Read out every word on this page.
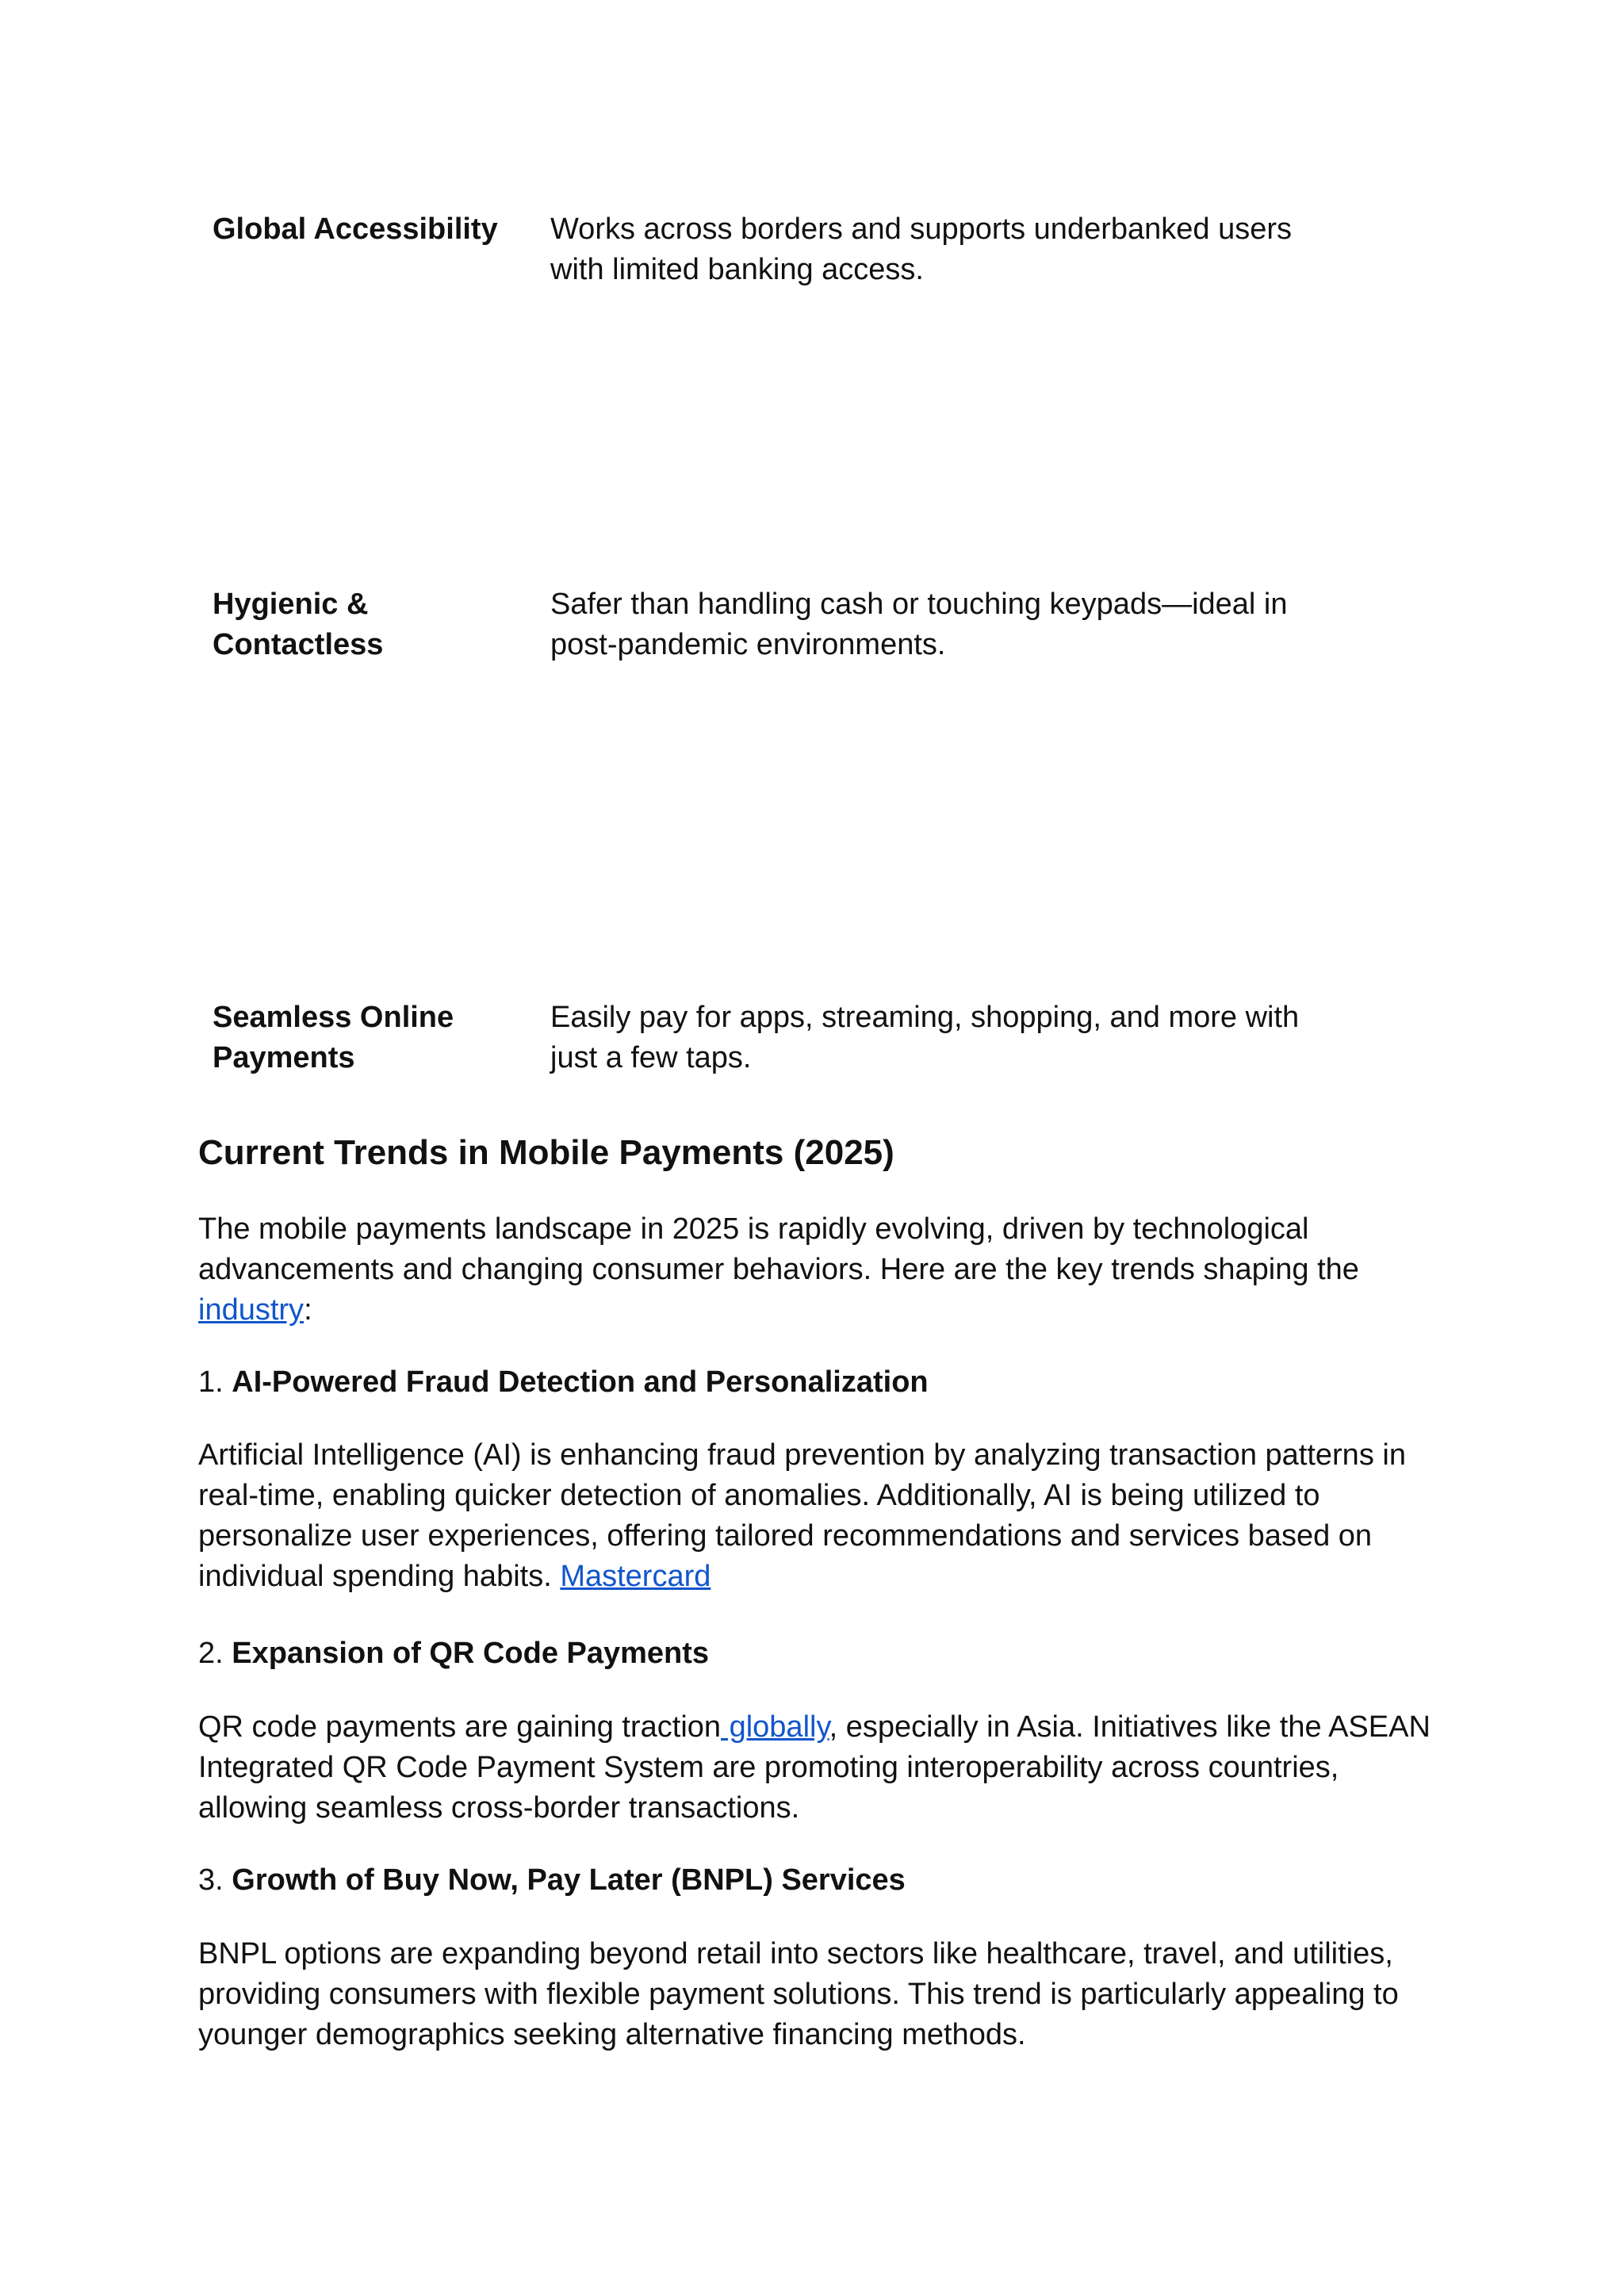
Global Accessibility	Works across borders and supports underbanked users with limited banking access.

Hygienic & Contactless

Safer than handling cash or touching keypads—ideal in post-pandemic environments.

Seamless Online Payments

Easily pay for apps, streaming, shopping, and more with just a few taps.

Current Trends in Mobile Payments (2025)

The mobile payments landscape in 2025 is rapidly evolving, driven by technological advancements and changing consumer behaviors. Here are the key trends shaping the industry:

1. AI-Powered Fraud Detection and Personalization

Artificial Intelligence (AI) is enhancing fraud prevention by analyzing transaction patterns in real-time, enabling quicker detection of anomalies. Additionally, AI is being utilized to personalize user experiences, offering tailored recommendations and services based on individual spending habits. Mastercard

2. Expansion of QR Code Payments

QR code payments are gaining traction globally, especially in Asia. Initiatives like the ASEAN Integrated QR Code Payment System are promoting interoperability across countries, allowing seamless cross-border transactions.

3. Growth of Buy Now, Pay Later (BNPL) Services

BNPL options are expanding beyond retail into sectors like healthcare, travel, and utilities, providing consumers with flexible payment solutions. This trend is particularly appealing to younger demographics seeking alternative financing methods.
